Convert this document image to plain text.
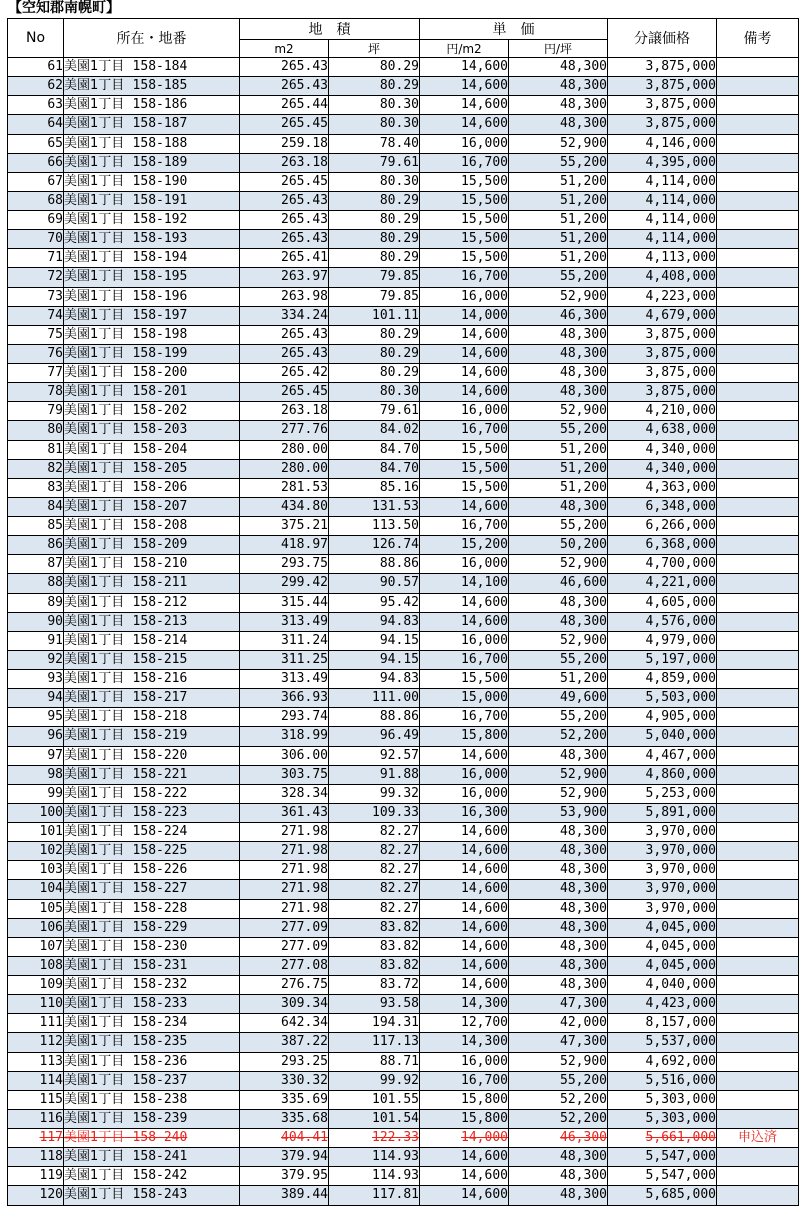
【空知郡南幌町】
No	所在・地番	地　積		単　価		分譲価格	備考
		m2	坪	円/m2	円/坪		
61	美園1丁目 158-184	265.43	80.29	14,600	48,300	3,875,000	
62	美園1丁目 158-185	265.43	80.29	14,600	48,300	3,875,000	
63	美園1丁目 158-186	265.44	80.30	14,600	48,300	3,875,000	
64	美園1丁目 158-187	265.45	80.30	14,600	48,300	3,875,000	
65	美園1丁目 158-188	259.18	78.40	16,000	52,900	4,146,000	
66	美園1丁目 158-189	263.18	79.61	16,700	55,200	4,395,000	
67	美園1丁目 158-190	265.45	80.30	15,500	51,200	4,114,000	
68	美園1丁目 158-191	265.43	80.29	15,500	51,200	4,114,000	
69	美園1丁目 158-192	265.43	80.29	15,500	51,200	4,114,000	
70	美園1丁目 158-193	265.43	80.29	15,500	51,200	4,114,000	
71	美園1丁目 158-194	265.41	80.29	15,500	51,200	4,113,000	
72	美園1丁目 158-195	263.97	79.85	16,700	55,200	4,408,000	
73	美園1丁目 158-196	263.98	79.85	16,000	52,900	4,223,000	
74	美園1丁目 158-197	334.24	101.11	14,000	46,300	4,679,000	
75	美園1丁目 158-198	265.43	80.29	14,600	48,300	3,875,000	
76	美園1丁目 158-199	265.43	80.29	14,600	48,300	3,875,000	
77	美園1丁目 158-200	265.42	80.29	14,600	48,300	3,875,000	
78	美園1丁目 158-201	265.45	80.30	14,600	48,300	3,875,000	
79	美園1丁目 158-202	263.18	79.61	16,000	52,900	4,210,000	
80	美園1丁目 158-203	277.76	84.02	16,700	55,200	4,638,000	
81	美園1丁目 158-204	280.00	84.70	15,500	51,200	4,340,000	
82	美園1丁目 158-205	280.00	84.70	15,500	51,200	4,340,000	
83	美園1丁目 158-206	281.53	85.16	15,500	51,200	4,363,000	
84	美園1丁目 158-207	434.80	131.53	14,600	48,300	6,348,000	
85	美園1丁目 158-208	375.21	113.50	16,700	55,200	6,266,000	
86	美園1丁目 158-209	418.97	126.74	15,200	50,200	6,368,000	
87	美園1丁目 158-210	293.75	88.86	16,000	52,900	4,700,000	
88	美園1丁目 158-211	299.42	90.57	14,100	46,600	4,221,000	
89	美園1丁目 158-212	315.44	95.42	14,600	48,300	4,605,000	
90	美園1丁目 158-213	313.49	94.83	14,600	48,300	4,576,000	
91	美園1丁目 158-214	311.24	94.15	16,000	52,900	4,979,000	
92	美園1丁目 158-215	311.25	94.15	16,700	55,200	5,197,000	
93	美園1丁目 158-216	313.49	94.83	15,500	51,200	4,859,000	
94	美園1丁目 158-217	366.93	111.00	15,000	49,600	5,503,000	
95	美園1丁目 158-218	293.74	88.86	16,700	55,200	4,905,000	
96	美園1丁目 158-219	318.99	96.49	15,800	52,200	5,040,000	
97	美園1丁目 158-220	306.00	92.57	14,600	48,300	4,467,000	
98	美園1丁目 158-221	303.75	91.88	16,000	52,900	4,860,000	
99	美園1丁目 158-222	328.34	99.32	16,000	52,900	5,253,000	
100	美園1丁目 158-223	361.43	109.33	16,300	53,900	5,891,000	
101	美園1丁目 158-224	271.98	82.27	14,600	48,300	3,970,000	
102	美園1丁目 158-225	271.98	82.27	14,600	48,300	3,970,000	
103	美園1丁目 158-226	271.98	82.27	14,600	48,300	3,970,000	
104	美園1丁目 158-227	271.98	82.27	14,600	48,300	3,970,000	
105	美園1丁目 158-228	271.98	82.27	14,600	48,300	3,970,000	
106	美園1丁目 158-229	277.09	83.82	14,600	48,300	4,045,000	
107	美園1丁目 158-230	277.09	83.82	14,600	48,300	4,045,000	
108	美園1丁目 158-231	277.08	83.82	14,600	48,300	4,045,000	
109	美園1丁目 158-232	276.75	83.72	14,600	48,300	4,040,000	
110	美園1丁目 158-233	309.34	93.58	14,300	47,300	4,423,000	
111	美園1丁目 158-234	642.34	194.31	12,700	42,000	8,157,000	
112	美園1丁目 158-235	387.22	117.13	14,300	47,300	5,537,000	
113	美園1丁目 158-236	293.25	88.71	16,000	52,900	4,692,000	
114	美園1丁目 158-237	330.32	99.92	16,700	55,200	5,516,000	
115	美園1丁目 158-238	335.69	101.55	15,800	52,200	5,303,000	
116	美園1丁目 158-239	335.68	101.54	15,800	52,200	5,303,000	
117	美園1丁目 158-240	404.41	122.33	14,000	46,300	5,661,000	申込済
118	美園1丁目 158-241	379.94	114.93	14,600	48,300	5,547,000	
119	美園1丁目 158-242	379.95	114.93	14,600	48,300	5,547,000	
120	美園1丁目 158-243	389.44	117.81	14,600	48,300	5,685,000	
